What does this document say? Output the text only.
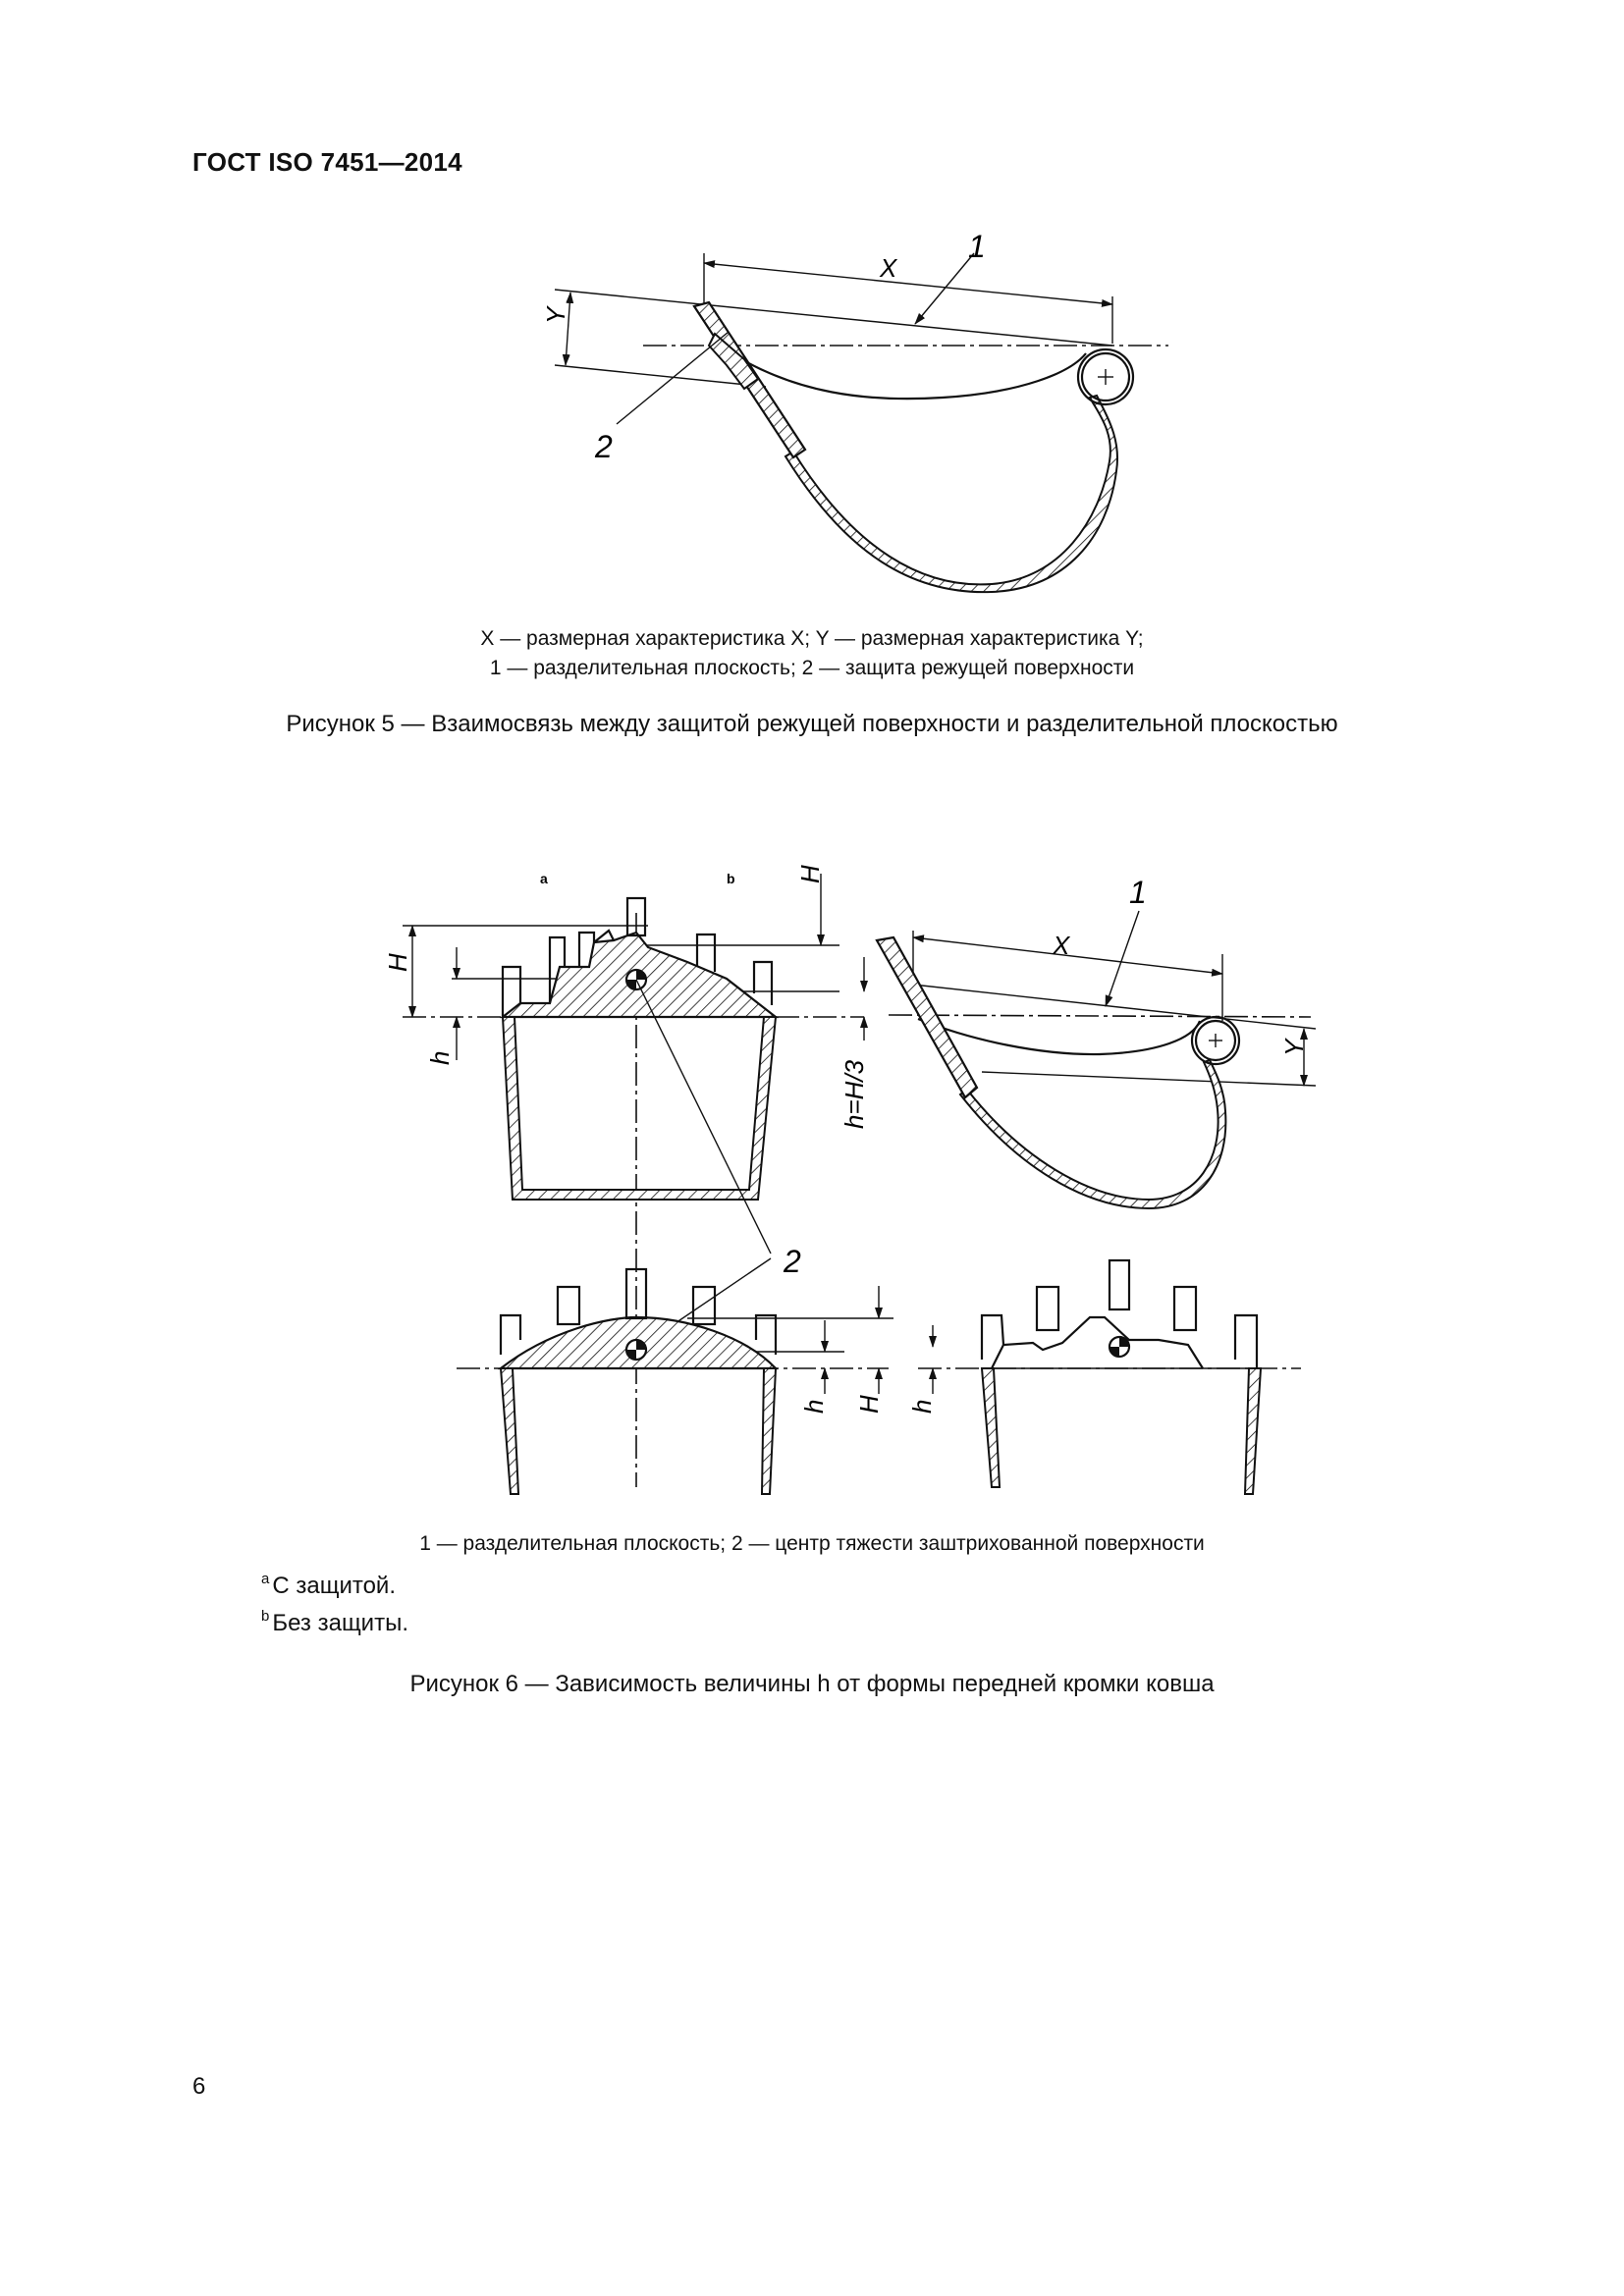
ГОСТ ISO 7451—2014
X
Y
1
2
X — размерная характеристика X; Y — размерная характеристика Y;
1 — разделительная плоскость; 2 — защита режущей поверхности
Рисунок 5 — Взаимосвязь между защитой режущей поверхности и разделительной плоскостью
a	b
H
h
H
h=H/3
2
X
Y
1
h H h
1 — разделительная плоскость; 2 — центр тяжести заштрихованной поверхности
$^a$ С защитой.
$^b$ Без защиты.
Рисунок 6 — Зависимость величины h от формы передней кромки ковша
6
